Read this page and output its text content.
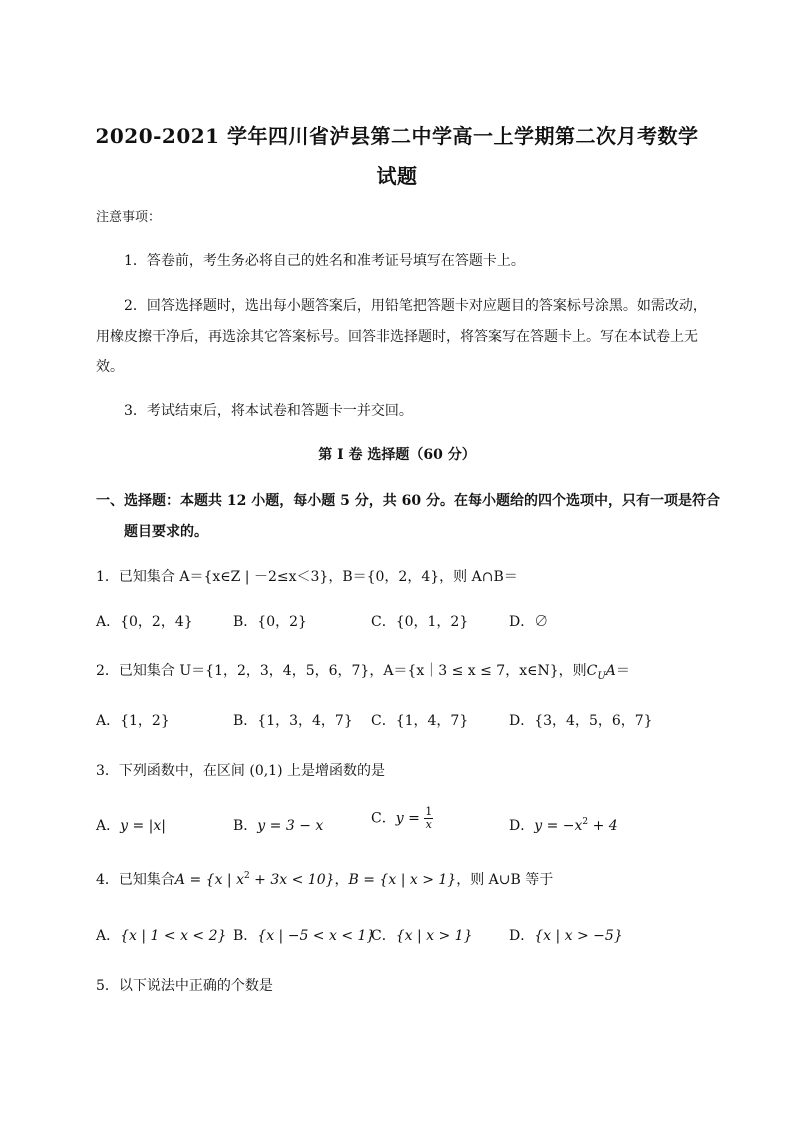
2020-2021 学年四川省泸县第二中学高一上学期第二次月考数学
试题
注意事项：
1．答卷前，考生务必将自己的姓名和准考证号填写在答题卡上。
2．回答选择题时，选出每小题答案后，用铅笔把答题卡对应题目的答案标号涂黑。如需改动，
用橡皮擦干净后，再选涂其它答案标号。回答非选择题时，将答案写在答题卡上。写在本试卷上无
效。
3．考试结束后，将本试卷和答题卡一并交回。
第 I 卷 选择题（60 分）
一、选择题：本题共 12 小题，每小题 5 分，共 60 分。在每小题给的四个选项中，只有一项是符合
题目要求的。
1．已知集合 A＝{x∈Z | －2≤x＜3}，B＝{0，2，4}，则 A∩B＝
A．{0，2，4}	B．{0，2}	C．{0，1，2}	D．∅
2．已知集合 U＝{1，2，3，4，5，6，7}，A＝{x｜3 ≤ x ≤ 7，x∈N}，则$C_UA=$
A．{1，2}	B．{1，3，4，7} C．{1，4，7}	D．{3，4，5，6，7}
3．下列函数中，在区间 (0,1) 上是增函数的是
A．y = |x|	B．y = 3 − x	C．$y = \frac{1}{x}$	D．$y = -x^2 + 4$
4．已知集合A = {x | $x^2 + 3x < 10$}，B = {x | x > 1}，则 A∪B 等于
A．{x | 1 < x < 2} B．{x | −5 < x < 1}
C．{x | x > 1}	D．{x | x > −5}
5．以下说法中正确的个数是
